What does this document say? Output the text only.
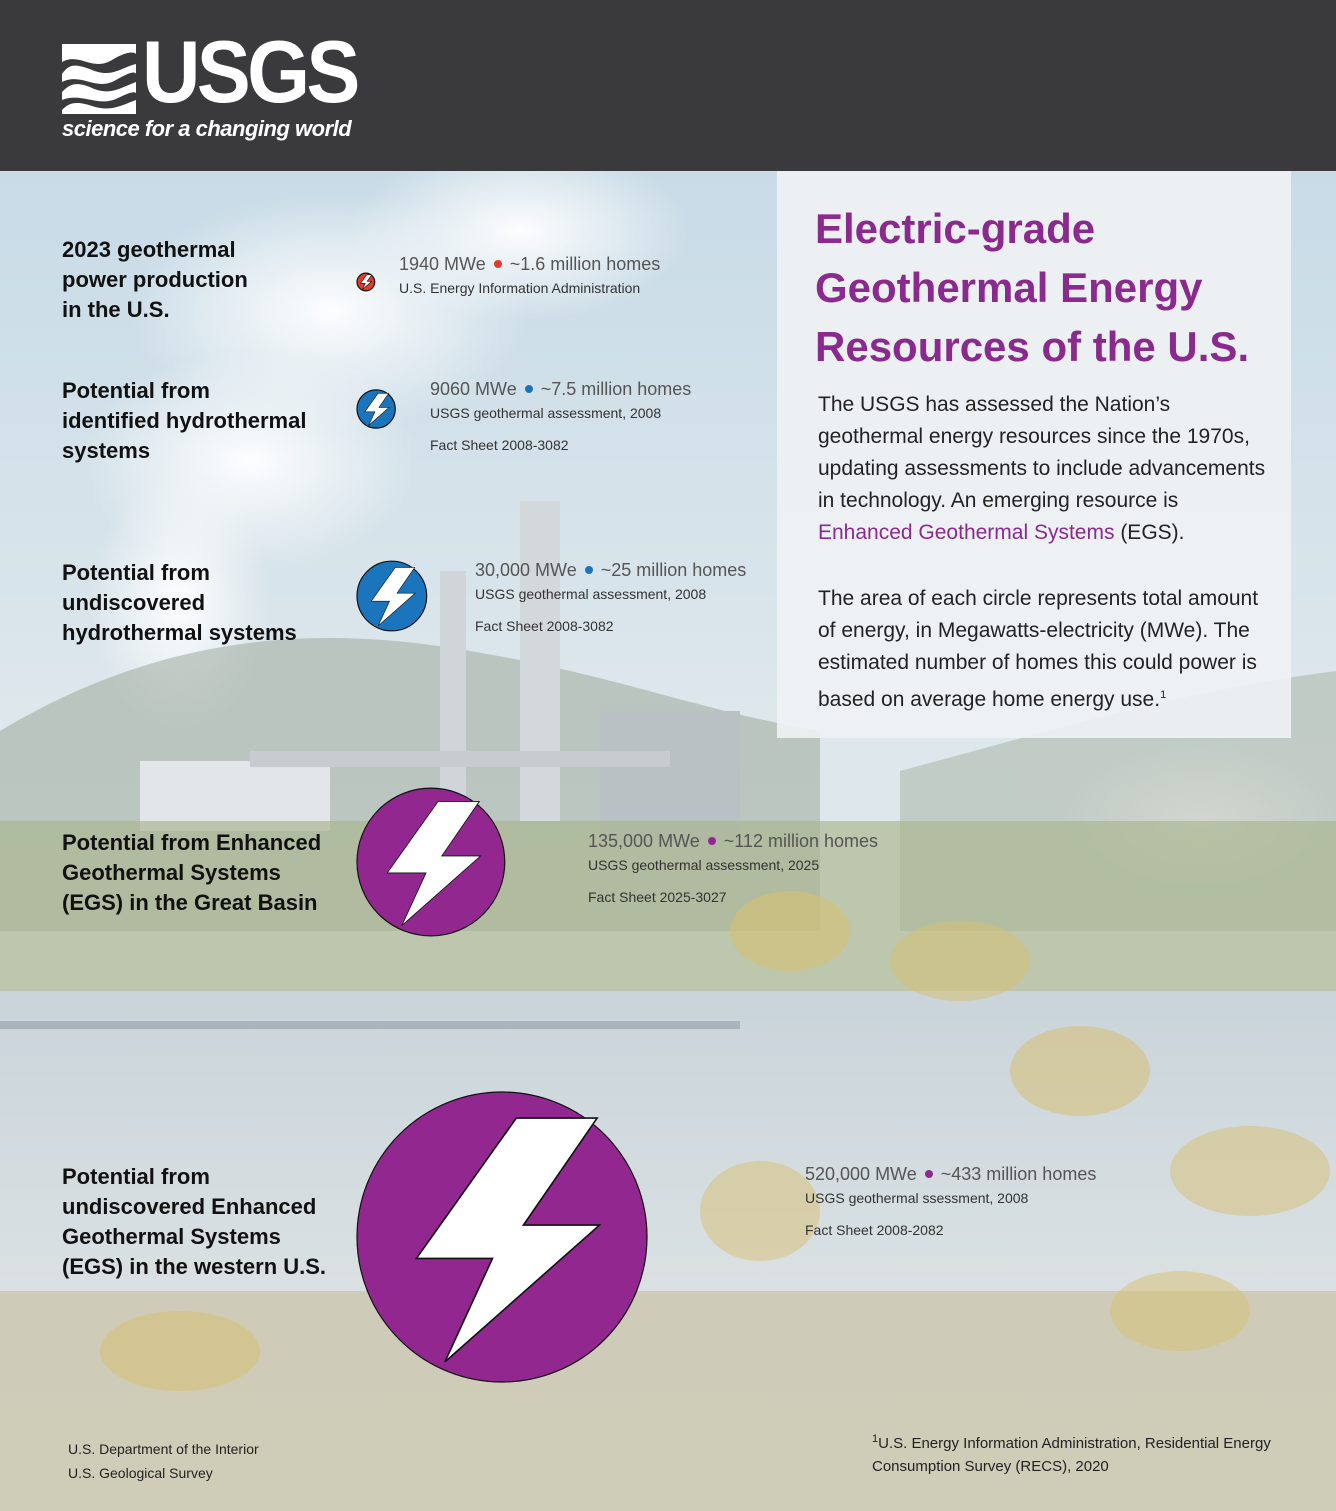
USGS
science for a changing world
2023 geothermal power production in the U.S.
Potential from identified hydrothermal systems
Potential from undiscovered hydrothermal systems
Potential from Enhanced Geothermal Systems (EGS) in the Great Basin
Potential from undiscovered Enhanced Geothermal Systems (EGS) in the western U.S.
1940 MWe ~1.6 million homes
U.S. Energy Information Administration
9060 MWe ~7.5 million homes
USGS geothermal assessment, 2008
Fact Sheet 2008-3082
30,000 MWe ~25 million homes
USGS geothermal assessment, 2008
Fact Sheet 2008-3082
135,000 MWe ~112 million homes
USGS geothermal assessment, 2025
Fact Sheet 2025-3027
520,000 MWe ~433 million homes
USGS geothermal ssessment, 2008
Fact Sheet 2008-2082
Electric-grade Geothermal Energy Resources of the U.S.

The USGS has assessed the Nation’s geothermal energy resources since the 1970s, updating assessments to include advancements in technology. An emerging resource is Enhanced Geothermal Systems (EGS).

The area of each circle represents total amount of energy, in Megawatts-electricity (MWe). The estimated number of homes this could power is based on average home energy use.$^1$

U.S. Department of the Interior
U.S. Geological Survey
$^1$U.S. Energy Information Administration, Residential Energy Consumption Survey (RECS), 2020
